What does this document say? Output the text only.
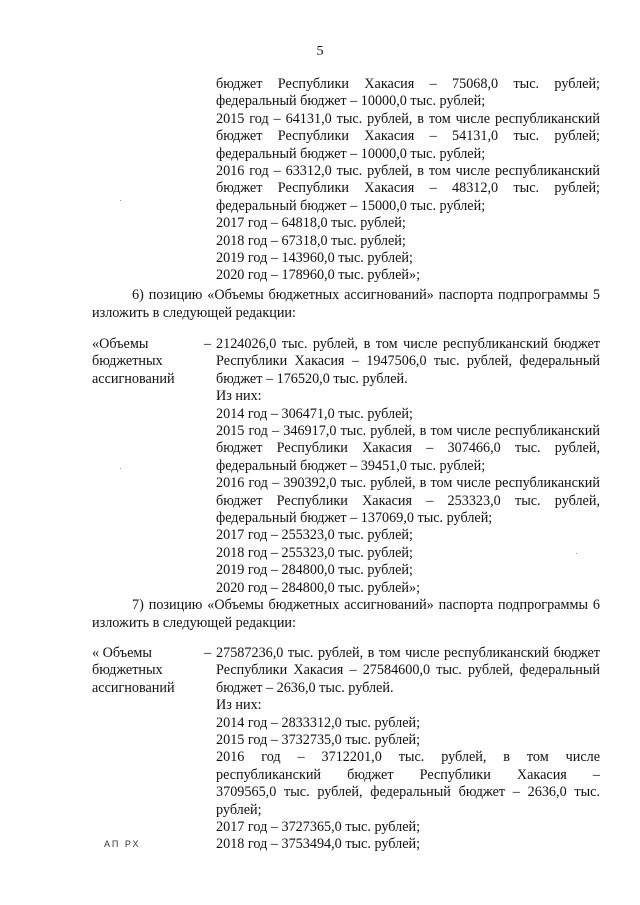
5
бюджет Республики Хакасия – 75068,0 тыс. рублей;
федеральный бюджет – 10000,0 тыс. рублей;
2015 год – 64131,0 тыс. рублей, в том числе республиканский
бюджет Республики Хакасия – 54131,0 тыс. рублей;
федеральный бюджет – 10000,0 тыс. рублей;
2016 год – 63312,0 тыс. рублей, в том числе республиканский
бюджет Республики Хакасия – 48312,0 тыс. рублей;
федеральный бюджет – 15000,0 тыс. рублей;
2017 год – 64818,0 тыс. рублей;
2018 год – 67318,0 тыс. рублей;
2019 год – 143960,0 тыс. рублей;
2020 год – 178960,0 тыс. рублей»;
6) позицию «Объемы бюджетных ассигнований» паспорта подпрограммы 5
изложить в следующей редакции:
«Объемы
бюджетных
ассигнований
– 2124026,0 тыс. рублей, в том числе республиканский бюджет
Республики Хакасия – 1947506,0 тыс. рублей, федеральный
бюджет – 176520,0 тыс. рублей.
Из них:
2014 год – 306471,0 тыс. рублей;
2015 год – 346917,0 тыс. рублей, в том числе республиканский
бюджет Республики Хакасия – 307466,0 тыс. рублей,
федеральный бюджет – 39451,0 тыс. рублей;
2016 год – 390392,0 тыс. рублей, в том числе республиканский
бюджет Республики Хакасия – 253323,0 тыс. рублей,
федеральный бюджет – 137069,0 тыс. рублей;
2017 год – 255323,0 тыс. рублей;
2018 год – 255323,0 тыс. рублей;
2019 год – 284800,0 тыс. рублей;
2020 год – 284800,0 тыс. рублей»;
7) позицию «Объемы бюджетных ассигнований» паспорта подпрограммы 6
изложить в следующей редакции:
« Объемы
бюджетных
ассигнований
– 27587236,0 тыс. рублей, в том числе республиканский бюджет
Республики Хакасия – 27584600,0 тыс. рублей, федеральный
бюджет – 2636,0 тыс. рублей.
Из них:
2014 год – 2833312,0 тыс. рублей;
2015 год – 3732735,0 тыс. рублей;
2016 год – 3712201,0 тыс. рублей, в том числе
республиканский бюджет Республики Хакасия –
3709565,0 тыс. рублей, федеральный бюджет – 2636,0 тыс.
рублей;
2017 год – 3727365,0 тыс. рублей;
2018 год – 3753494,0 тыс. рублей;
АП РХ
